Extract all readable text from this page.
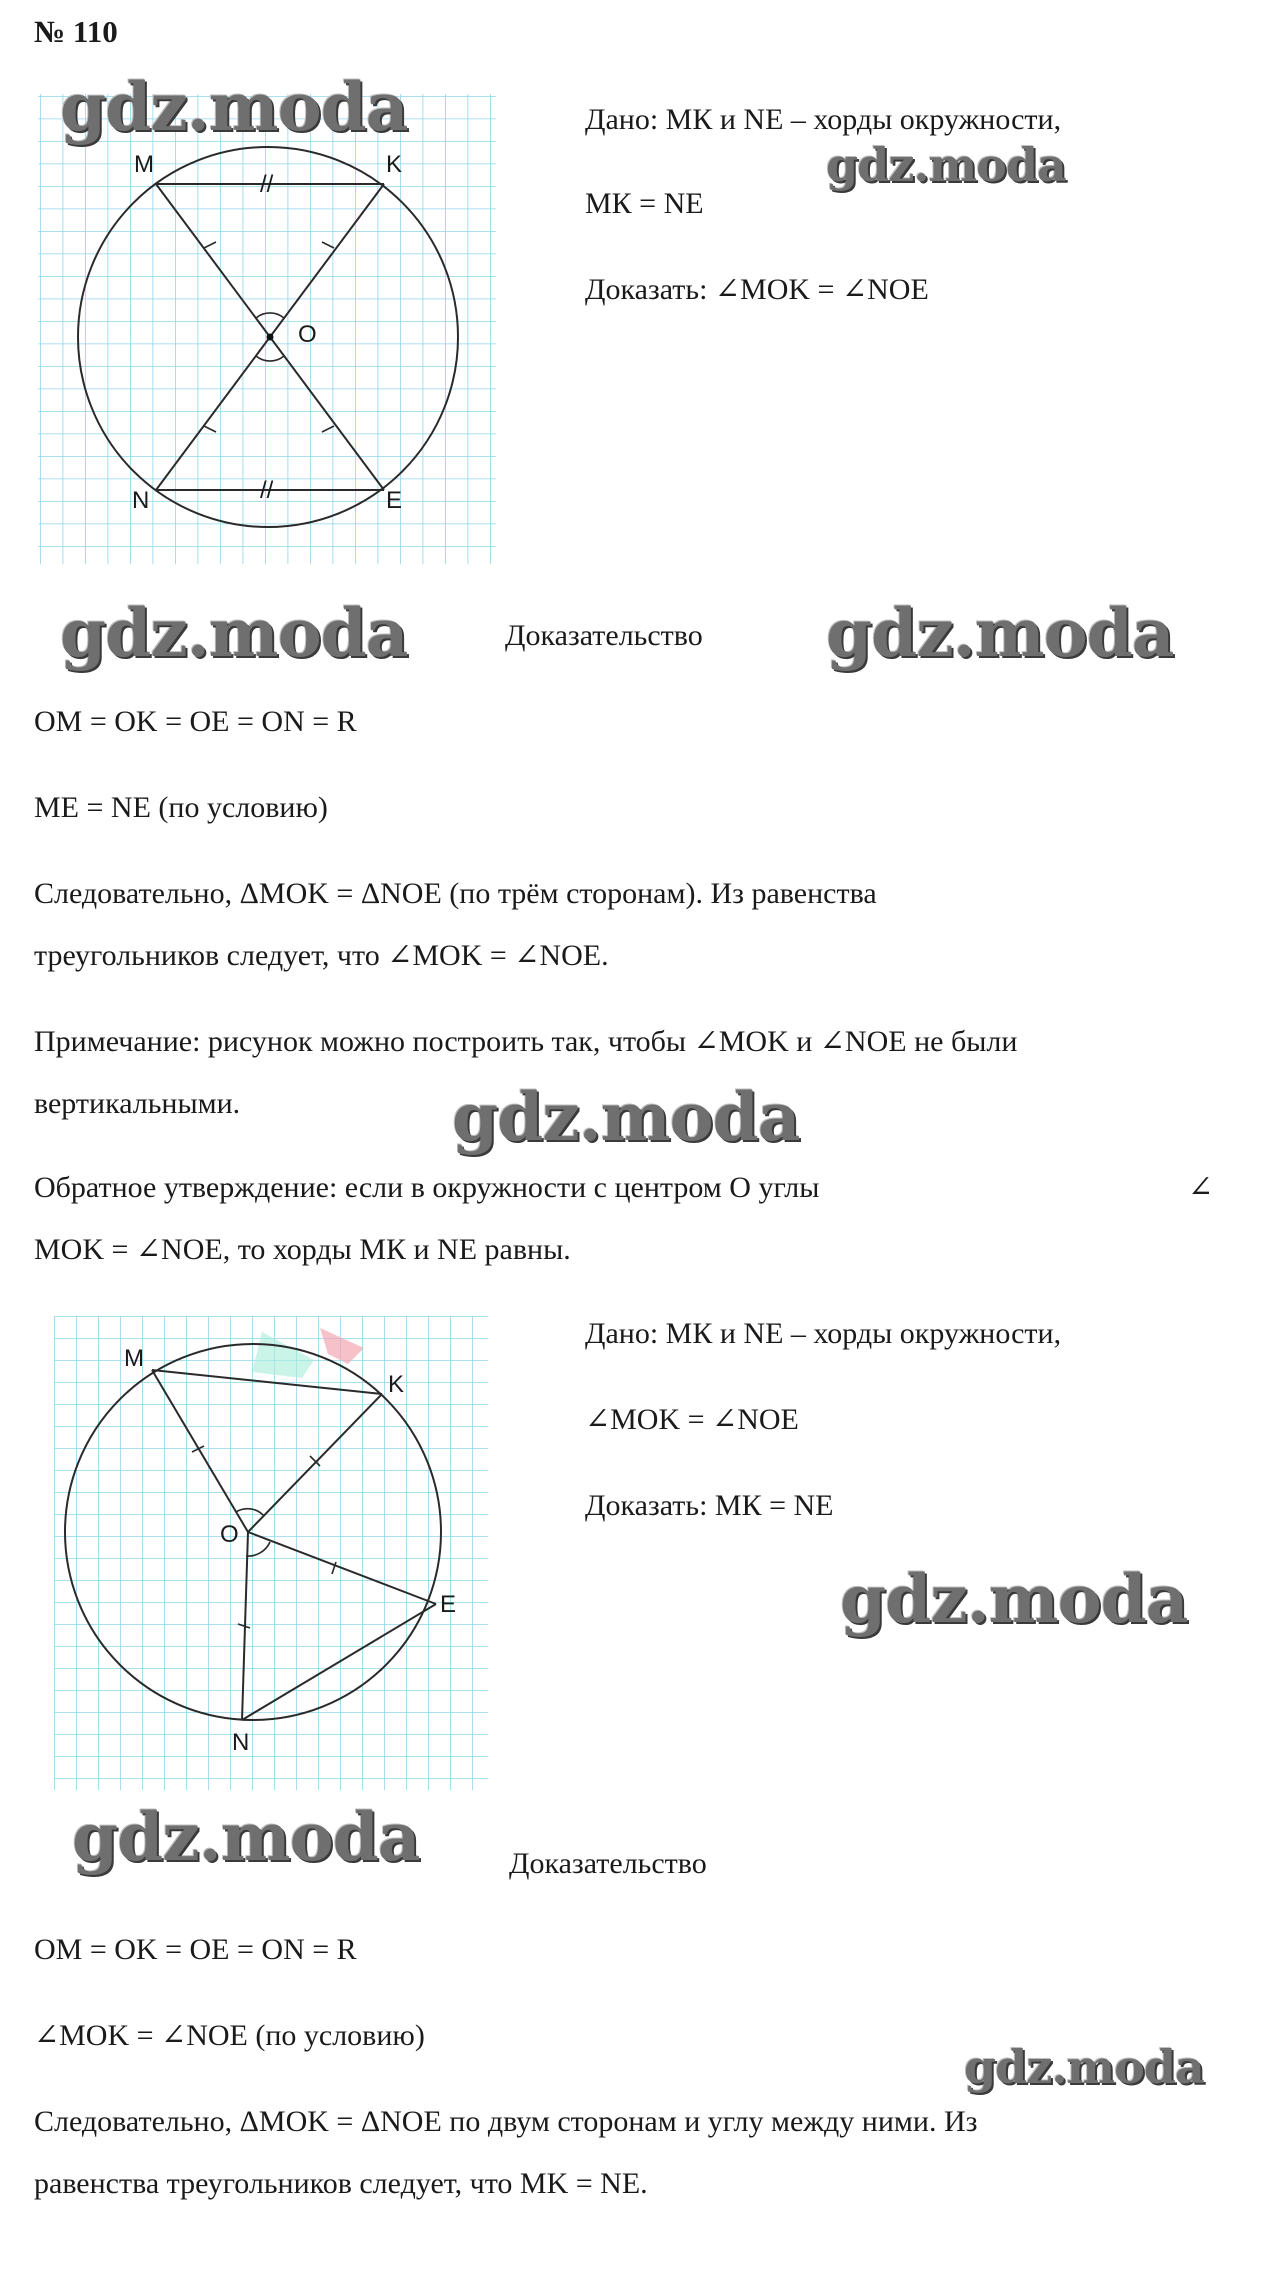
№ 110
M	K
O
N	E
//
//
Дано: МК и NE – хорды окружности,
МК = NE
Доказать: ∠MOK = ∠NOE
Доказательство
OM = OK = OE = ON = R
ME = NE (по условию)
Следовательно, ΔMOK = ΔNOE (по трём сторонам). Из равенства
треугольников следует, что ∠MOK = ∠NOE.
Примечание: рисунок можно построить так, чтобы ∠MOK и ∠NOE не были
вертикальными.
Обратное утверждение: если в окружности с центром О углы	∠
MOK = ∠NOE, то хорды МК и NE равны.
M
K
O
N
E
Дано: МК и NE – хорды окружности,
∠MOK = ∠NOE
Доказать: МК = NE
Доказательство
OM = OK = OE = ON = R
∠MOK = ∠NOE (по условию)
Следовательно, ΔMOK = ΔNOE по двум сторонам и углу между ними. Из
равенства треугольников следует, что MK = NE.
gdz.moda
gdz.moda
gdz.moda	gdz.moda
gdz.moda
gdz.moda
gdz.moda
gdz.moda
